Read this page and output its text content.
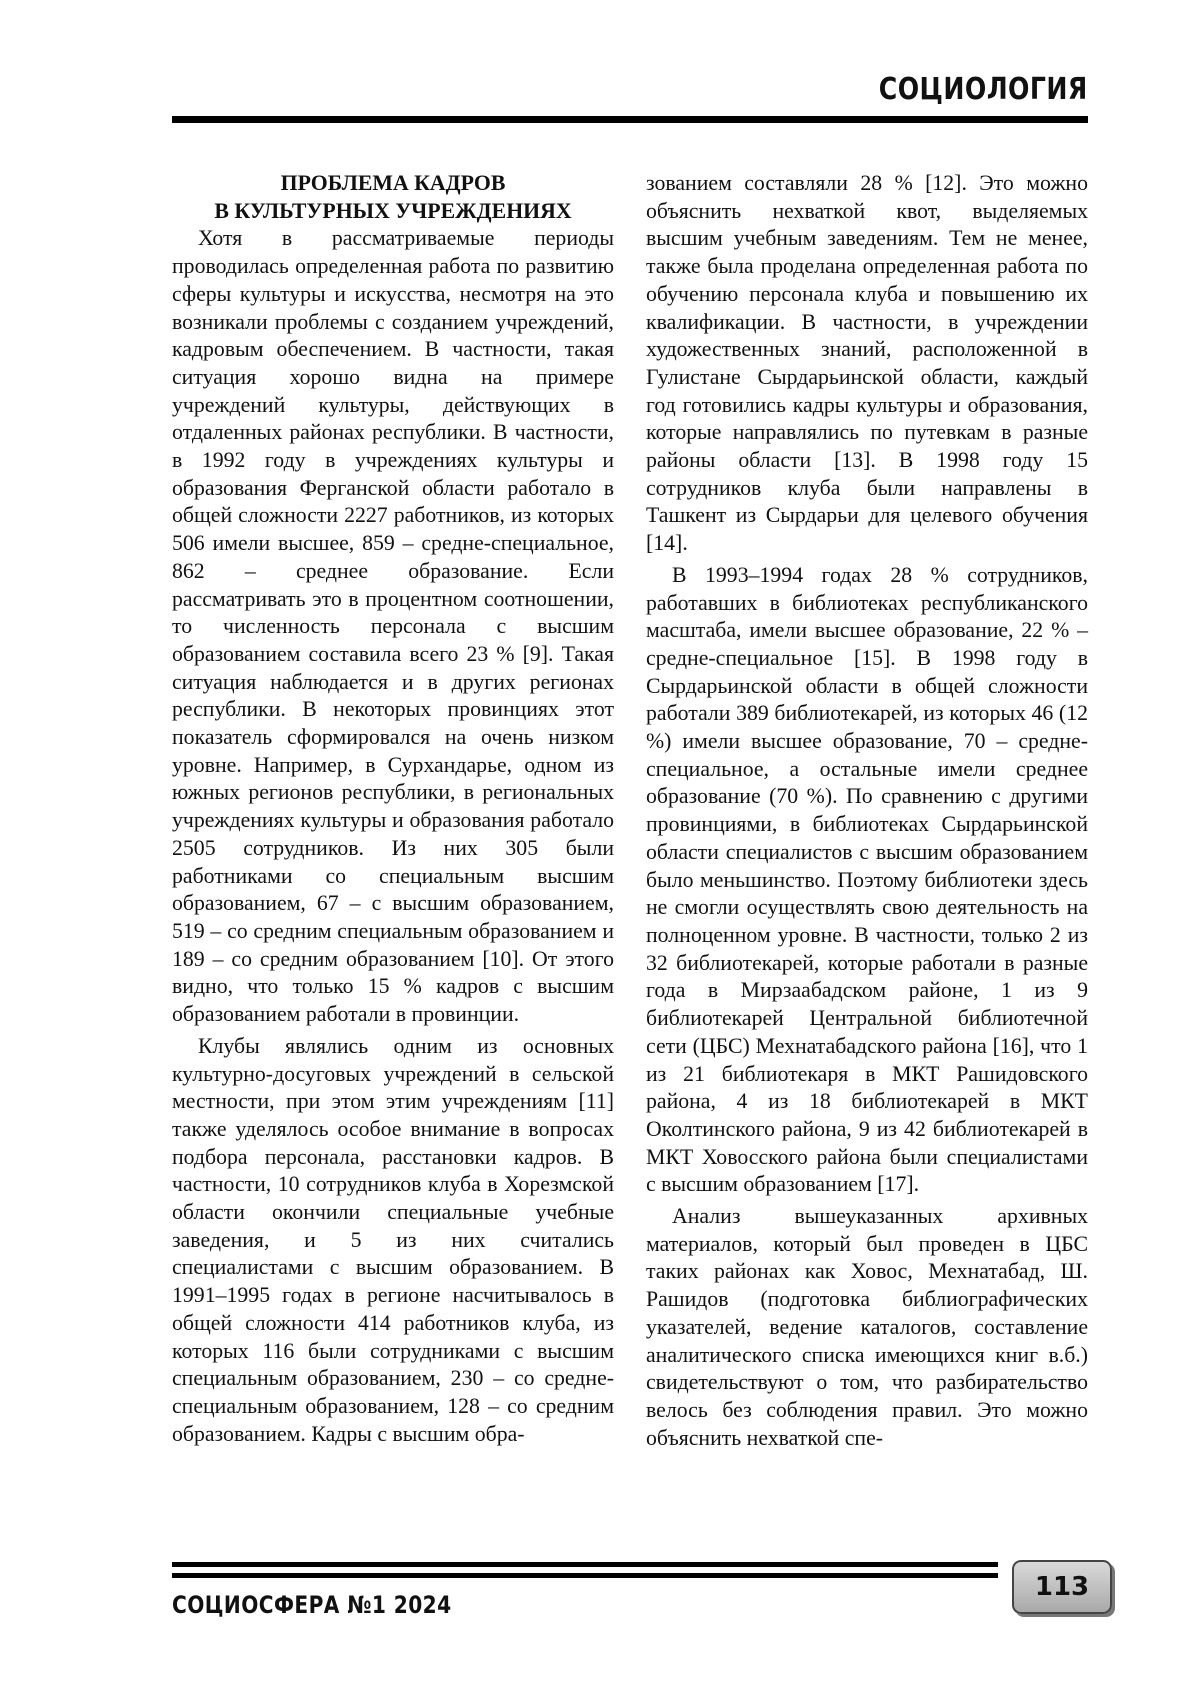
СОЦИОЛОГИЯ
ПРОБЛЕМА КАДРОВ
В КУЛЬТУРНЫХ УЧРЕЖДЕНИЯХ

Хотя в рассматриваемые периоды проводилась определенная работа по развитию сферы культуры и искусства, несмотря на это возникали проблемы с созданием учреждений, кадровым обеспечением. В частности, такая ситуация хорошо видна на примере учреждений культуры, действующих в отдаленных районах республики. В частности, в 1992 году в учреждениях культуры и образования Ферганской области работало в общей сложности 2227 работников, из которых 506 имели высшее, 859 – средне-специальное, 862 – среднее образование. Если рассматривать это в процентном соотношении, то численность персонала с высшим образованием составила всего 23 % [9]. Такая ситуация наблюдается и в других регионах республики. В некоторых провинциях этот показатель сформировался на очень низком уровне. Например, в Сурхандарье, одном из южных регионов республики, в региональных учреждениях культуры и образования работало 2505 сотрудников. Из них 305 были работниками со специальным высшим образованием, 67 – с высшим образованием, 519 – со средним специальным образованием и 189 – со средним образованием [10]. От этого видно, что только 15 % кадров с высшим образованием работали в провинции.

Клубы являлись одним из основных культурно-досуговых учреждений в сельской местности, при этом этим учреждениям [11] также уделялось особое внимание в вопросах подбора персонала, расстановки кадров. В частности, 10 сотрудников клуба в Хорезмской области окончили специальные учебные заведения, и 5 из них считались специалистами с высшим образованием. В 1991–1995 годах в регионе насчитывалось в общей сложности 414 работников клуба, из которых 116 были сотрудниками с высшим специальным образованием, 230 – со средне-специальным образованием, 128 – со средним образованием. Кадры с высшим обра-

зованием составляли 28 % [12]. Это можно объяснить нехваткой квот, выделяемых высшим учебным заведениям. Тем не менее, также была проделана определенная работа по обучению персонала клуба и повышению их квалификации. В частности, в учреждении художественных знаний, расположенной в Гулистане Сырдарьинской области, каждый год готовились кадры культуры и образования, которые направлялись по путевкам в разные районы области [13]. В 1998 году 15 сотрудников клуба были направлены в Ташкент из Сырдарьи для целевого обучения [14].

В 1993–1994 годах 28 % сотрудников, работавших в библиотеках республиканского масштаба, имели высшее образование, 22 % – средне-специальное [15]. В 1998 году в Сырдарьинской области в общей сложности работали 389 библиотекарей, из которых 46 (12 %) имели высшее образование, 70 – средне-специальное, а остальные имели среднее образование (70 %). По сравнению с другими провинциями, в библиотеках Сырдарьинской области специалистов с высшим образованием было меньшинство. Поэтому библиотеки здесь не смогли осуществлять свою деятельность на полноценном уровне. В частности, только 2 из 32 библиотекарей, которые работали в разные года в Мирзаабадском районе, 1 из 9 библиотекарей Центральной библиотечной сети (ЦБС) Мехнатабадского района [16], что 1 из 21 библиотекаря в МКТ Рашидовского района, 4 из 18 библиотекарей в МКТ Околтинского района, 9 из 42 библиотекарей в МКТ Ховосского района были специалистами с высшим образованием [17].

Анализ вышеуказанных архивных материалов, который был проведен в ЦБС таких районах как Ховос, Мехнатабад, Ш. Рашидов (подготовка библиографических указателей, ведение каталогов, составление аналитического списка имеющихся книг в.б.) свидетельствуют о том, что разбирательство велось без соблюдения правил. Это можно объяснить нехваткой спе-

СОЦИОСФЕРА №1 2024
113
